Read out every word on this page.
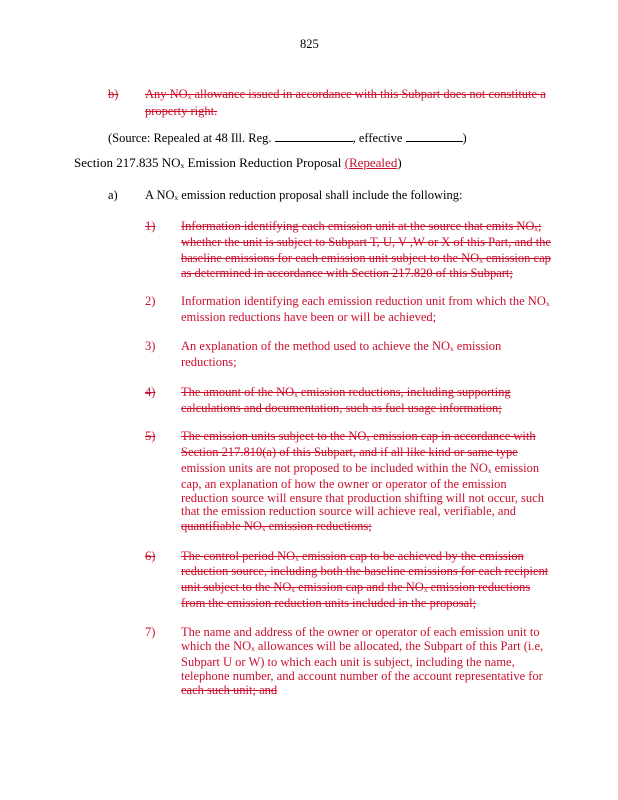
825
b)	Any NOₓ allowance issued in accordance with this Subpart does not constitute a
property right.
(Source: Repealed at 48 Ill. Reg.	, effective	)
Section 217.835 NOₓ Emission Reduction Proposal (Repealed)
a) A NOₓ emission reduction proposal shall include the following:
1)	Information identifying each emission unit at the source that emits NOₓ;
whether the unit is subject to Subpart T, U, V ,W or X of this Part, and the
baseline emissions for each emission unit subject to the NOₓ emission cap
as determined in accordance with Section 217.820 of this Subpart;
2) Information identifying each emission reduction unit from which the NOₓ
emission reductions have been or will be achieved;
3) An explanation of the method used to achieve the NOₓ emission
reductions;
4)	The amount of the NOₓ emission reductions, including supporting
calculations and documentation, such as fuel usage information;
5)	The emission units subject to the NOₓ emission cap in accordance with
Section 217.810(a) of this Subpart, and if all like kind or same type
emission units are not proposed to be included within the NOₓ emission
cap, an explanation of how the owner or operator of the emission
reduction source will ensure that production shifting will not occur, such
that the emission reduction source will achieve real, verifiable, and
quantifiable NOₓ emission reductions;
6)	The control period NOₓ emission cap to be achieved by the emission
reduction source, including both the baseline emissions for each recipient
unit subject to the NOₓ emission cap and the NOₓ emission reductions
from the emission reduction units included in the proposal;
7) The name and address of the owner or operator of each emission unit to
which the NOₓ allowances will be allocated, the Subpart of this Part (i.e,
Subpart U or W) to which each unit is subject, including the name,
telephone number, and account number of the account representative for
each such unit; and
